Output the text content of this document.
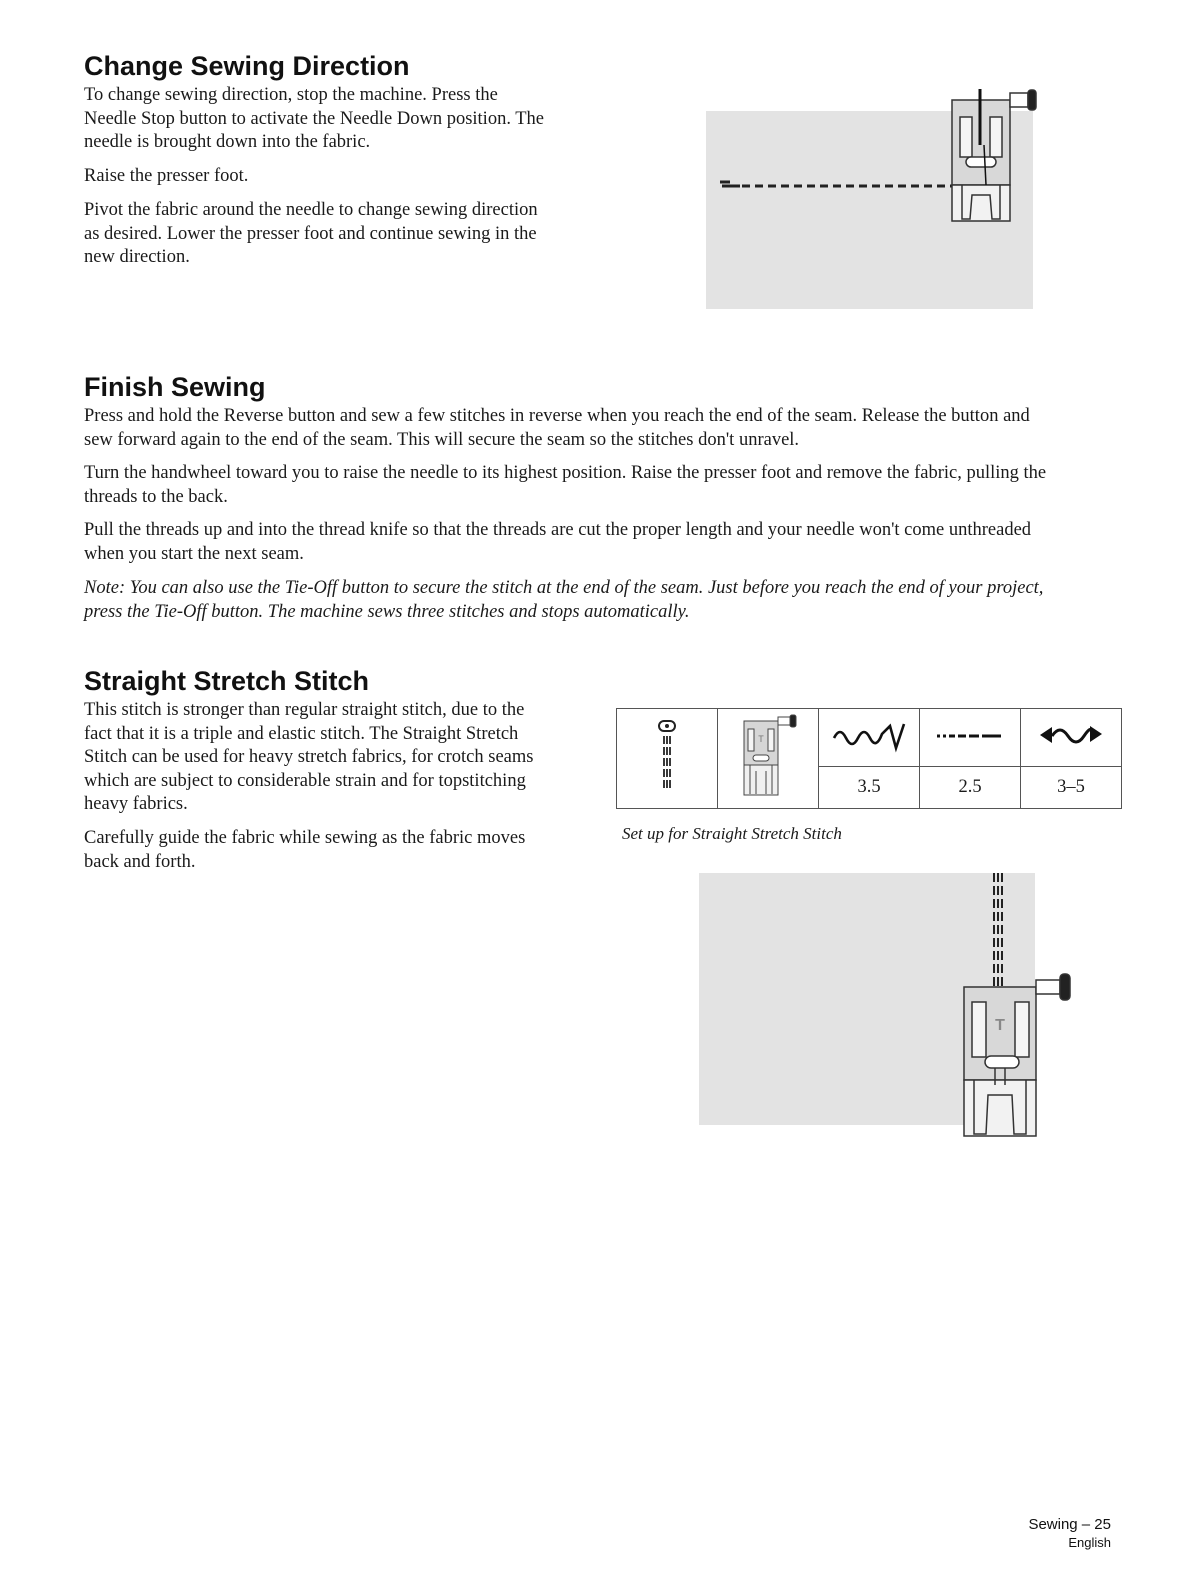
Change Sewing Direction
To change sewing direction, stop the machine. Press the
Needle Stop button to activate the Needle Down position. The
needle is brought down into the fabric.

Raise the presser foot.

Pivot the fabric around the needle to change sewing direction
as desired. Lower the presser foot and continue sewing in the
new direction.
Finish Sewing
Press and hold the Reverse button and sew a few stitches in reverse when you reach the end of the seam. Release the button and
sew forward again to the end of the seam. This will secure the seam so the stitches don't unravel.
Turn the handwheel toward you to raise the needle to its highest position. Raise the presser foot and remove the fabric, pulling the
threads to the back.
Pull the threads up and into the thread knife so that the threads are cut the proper length and your needle won't come unthreaded
when you start the next seam.
Note: You can also use the Tie-Off button to secure the stitch at the end of the seam. Just before you reach the end of your project,
press the Tie-Off button. The machine sews three stitches and stops automatically.
Straight Stretch Stitch
This stitch is stronger than regular straight stitch, due to the
fact that it is a triple and elastic stitch. The Straight Stretch
Stitch can be used for heavy stretch fabrics, for crotch seams
which are subject to considerable strain and for topstitching
heavy fabrics.
Carefully guide the fabric while sewing as the fabric moves
back and forth.

T

		3.5	2.5	3–5

Set up for Straight Stretch Stitch

T

Sewing – 25

English
